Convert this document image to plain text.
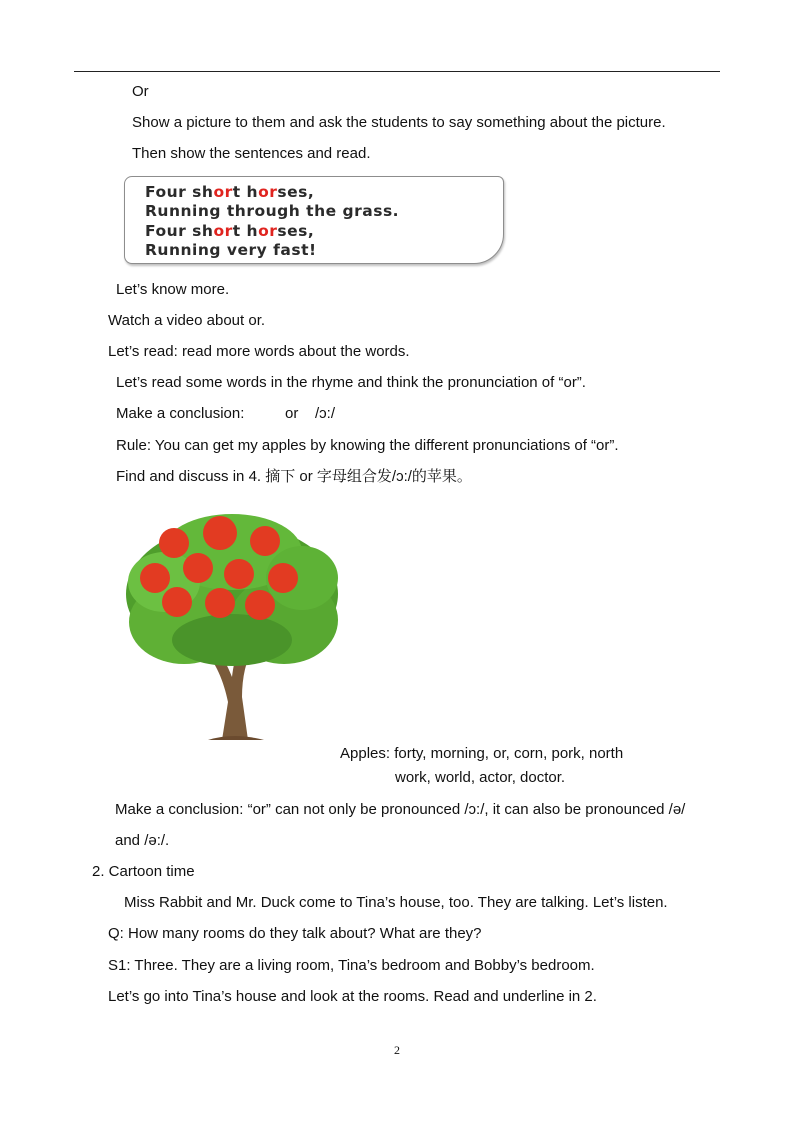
Or
Show a picture to them and ask the students to say something about the picture.
Then show the sentences and read.
Four short horses,
Running through the grass.
Four short horses,
Running very fast!
Let’s know more.
Watch a video about or.
Let’s read: read more words about the words.
Let’s read some words in the rhyme and think the pronunciation of “or”.
Make a conclusion:	or /ɔ:/
Rule: You can get my apples by knowing the different pronunciations of “or”.
Find and discuss in 4. 摘下 or 字母组合发/ɔ:/的苹果。
Apples: forty, morning, or, corn, pork, north
work, world, actor, doctor.
Make a conclusion: “or” can not only be pronounced /ɔ:/, it can also be pronounced /ə/
and /ə:/.
2. Cartoon time
Miss Rabbit and Mr. Duck come to Tina’s house, too. They are talking. Let’s listen.
Q: How many rooms do they talk about? What are they?
S1: Three. They are a living room, Tina’s bedroom and Bobby’s bedroom.
Let’s go into Tina’s house and look at the rooms. Read and underline in 2.
2
